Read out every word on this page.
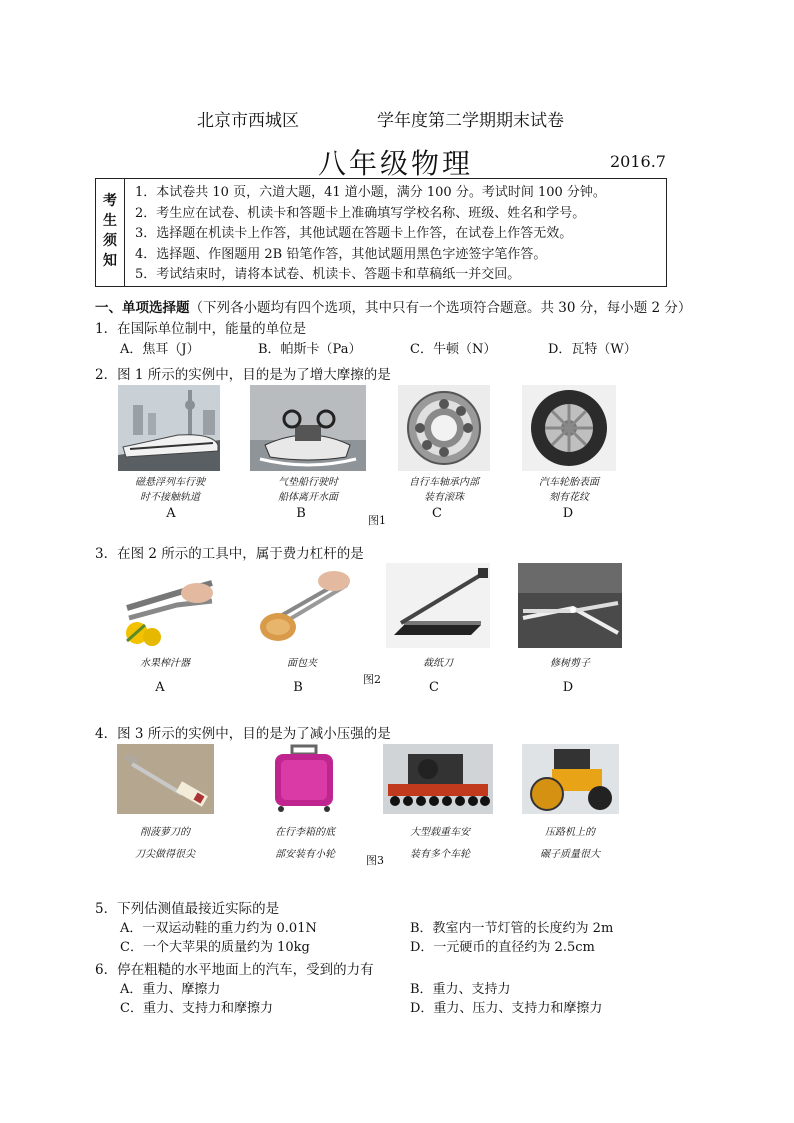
北京市西城区	学年度第二学期期末试卷
八年级物理	2016.7
考
生
须
知

1．本试卷共 10 页，六道大题，41 道小题，满分 100 分。考试时间 100 分钟。
2．考生应在试卷、机读卡和答题卡上准确填写学校名称、班级、姓名和学号。
3．选择题在机读卡上作答，其他试题在答题卡上作答，在试卷上作答无效。
4．选择题、作图题用 2B 铅笔作答，其他试题用黑色字迹签字笔作答。
5．考试结束时，请将本试卷、机读卡、答题卡和草稿纸一并交回。
一、单项选择题（下列各小题均有四个选项，其中只有一个选项符合题意。共 30 分，每小题 2 分）
1．在国际单位制中，能量的单位是
A．焦耳（J）	B．帕斯卡（Pa）	C．牛顿（N）	D．瓦特（W）
2．图 1 所示的实例中，目的是为了增大摩擦的是
磁悬浮列车行驶
时不接触轨道
气垫船行驶时
船体离开水面
自行车轴承内部
装有滚珠
汽车轮胎表面
刻有花纹
A	B	C	D
图1
3．在图 2 所示的工具中，属于费力杠杆的是
水果榨汁器	面包夹	裁纸刀	修树剪子
图2
A	B	C	D
4．图 3 所示的实例中，目的是为了减小压强的是
削菠萝刀的
刀尖做得很尖
在行李箱的底
部安装有小轮
大型载重车安
装有多个车轮
压路机上的
碾子质量很大
图3
5．下列估测值最接近实际的是
A．一双运动鞋的重力约为 0.01N	B．教室内一节灯管的长度约为 2m
C．一个大苹果的质量约为 10kg	D．一元硬币的直径约为 2.5cm
6．停在粗糙的水平地面上的汽车，受到的力有
A．重力、摩擦力	B．重力、支持力
C．重力、支持力和摩擦力	D．重力、压力、支持力和摩擦力
